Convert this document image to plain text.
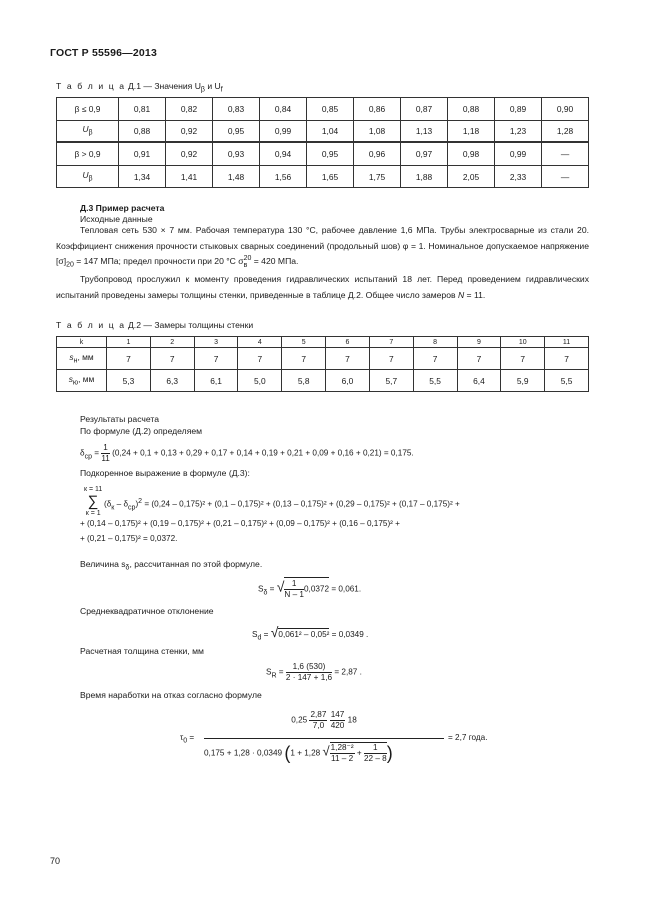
ГОСТ Р 55596—2013
Т а б л и ц а Д.1 — Значения $U_\beta$ и $U_f$
β ≤ 0,9	0,81	0,82	0,83	0,84	0,85	0,86	0,87	0,88	0,89	0,90
$U_\beta$	0,88	0,92	0,95	0,99	1,04	1,08	1,13	1,18	1,23	1,28
β > 0,9	0,91	0,92	0,93	0,94	0,95	0,96	0,97	0,98	0,99	—
$U_\beta$	1,34	1,41	1,48	1,56	1,65	1,75	1,88	2,05	2,33	—
Д.3 Пример расчета
Исходные данные
Тепловая сеть 530 × 7 мм. Рабочая температура 130 °С, рабочее давление 1,6 МПа. Трубы электросварные из стали 20. Коэффициент снижения прочности стыковых сварных соединений (продольный шов) φ = 1. Номинальное допускаемое напряжение $[\sigma]_{20} = 147$ МПа; предел прочности при 20 °С σ 20
в = 420 МПа.
Трубопровод прослужил к моменту проведения гидравлических испытаний 18 лет. Перед проведением гидравлических испытаний проведены замеры толщины стенки, приведенные в таблице Д.2. Общее число замеров N = 11.
Т а б л и ц а Д.2 — Замеры толщины стенки
k	1	2	3	4	5	6	7	8	9	10	11
$s_н$, мм	7	7	7	7	7	7	7	7	7	7	7
$s_ю$, мм	5,3	6,3	6,1	5,0	5,8	6,0	5,7	5,5	6,4	5,9	5,5
Результаты расчета
По формуле (Д.2) определяем
$\delta_{ср} = \frac{1}{11} (0,24 + 0,1 + 0,13 + 0,29 + 0,17 + 0,14 + 0,19 + 0,21 + 0,09 + 0,16 + 0,21) = 0,175$.
Подкоренное выражение в формуле (Д.3):
к = 11
∑
к = 1
$(\delta_к - \delta_{ср})^2 = (0,24 - 0,175)^2 + (0,1 - 0,175)^2 + (0,13 - 0,175)^2 + (0,29 - 0,175)^2 + (0,17 - 0,175)^2$ +
+ (0,14 – 0,175)² + (0,19 – 0,175)² + (0,21 – 0,175)² + (0,09 – 0,175)² + (0,16 – 0,175)² +
+ (0,21 – 0,175)² = 0,0372.
Величина $s_\delta$, рассчитанная по этой формуле.
$S_\delta$ = √ $\frac{1}{N - 1} 0,0372 = 0,061$.
Среднеквадратичное отклонение
$S_d = √0,061^2 - 0,05^2 = 0,0349$ .
Расчетная толщина стенки, мм
$S_R = \frac{1,6 (530)}{2 \cdot 147 + 1,6} = 2,87$ .
Время наработки на отказ согласно формуле
$\tau_0$ =
$0,25 \frac{2,87}{7,0}$
$\frac{147}{420} 18$
0,175 + 1,28 · 0,0349 (1 + 1,28 √ $\frac{\text{1,28⁻²}}{11 - 2} + \frac{1}{22 - 8}$ )
= 2,7 года.
70
